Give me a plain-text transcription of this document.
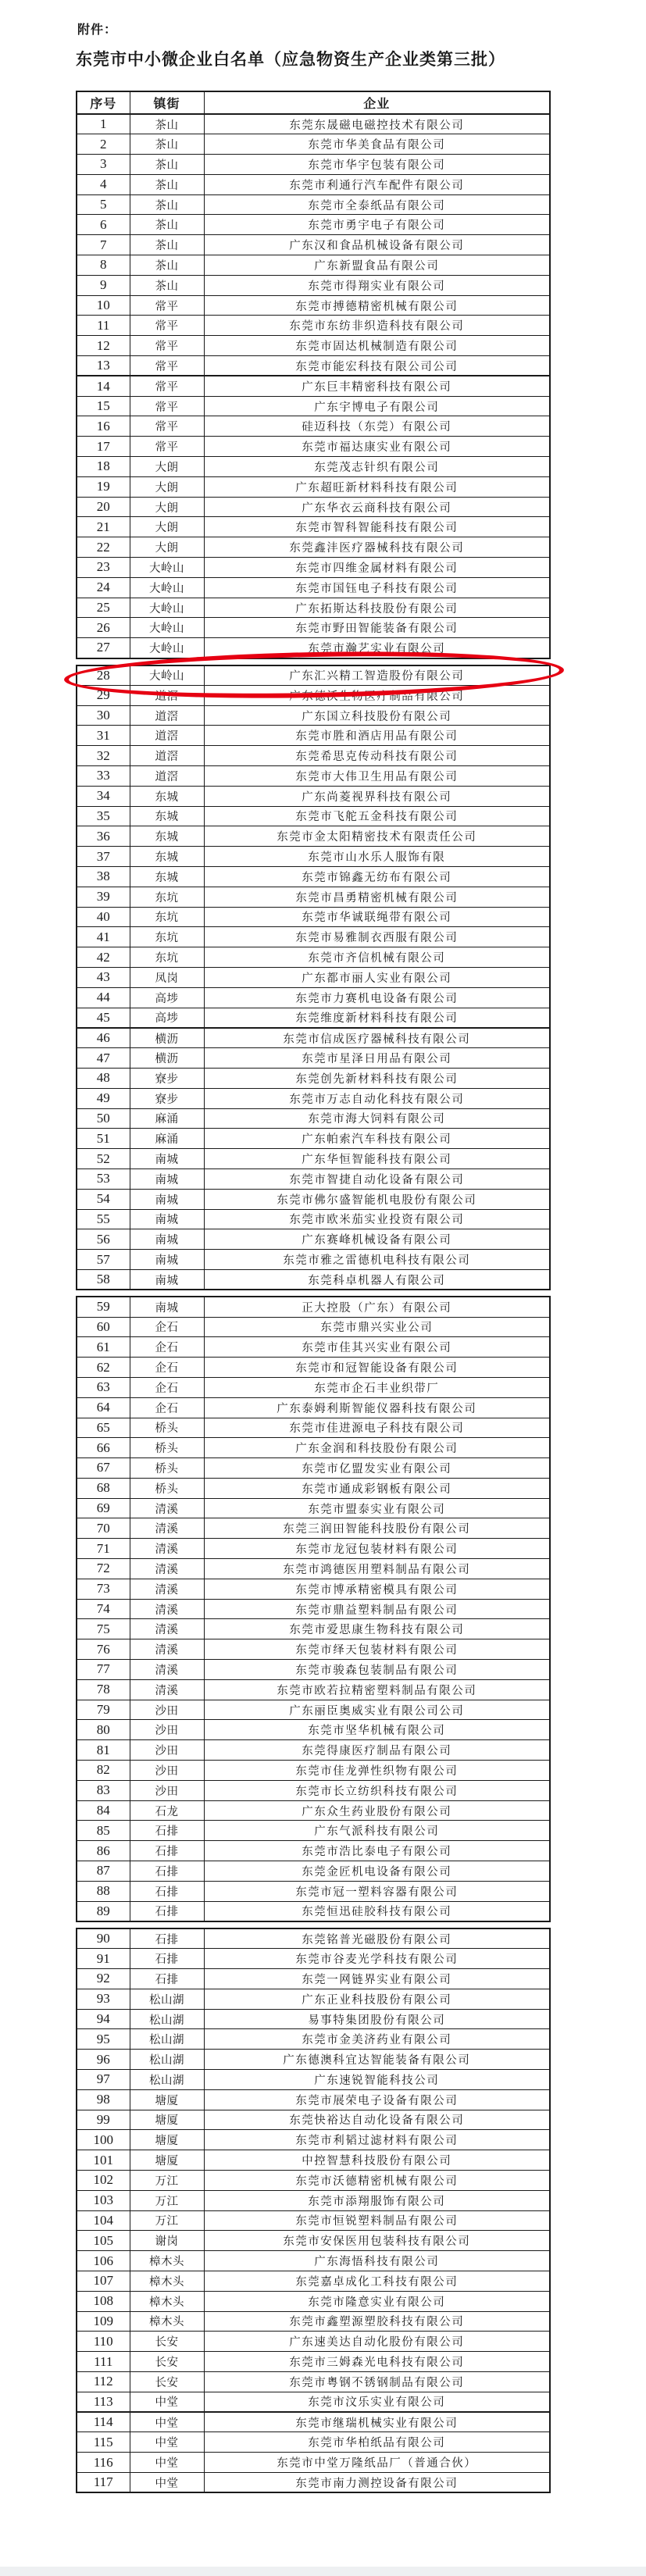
附件：
东莞市中小微企业白名单（应急物资生产企业类第三批）
序号	镇街	企业
1	茶山	东莞东晟磁电磁控技术有限公司
2	茶山	东莞市华美食品有限公司
3	茶山	东莞市华宇包装有限公司
4	茶山	东莞市利通行汽车配件有限公司
5	茶山	东莞市全泰纸品有限公司
6	茶山	东莞市勇宇电子有限公司
7	茶山	广东汉和食品机械设备有限公司
8	茶山	广东新盟食品有限公司
9	茶山	东莞市得翔实业有限公司
10	常平	东莞市搏德精密机械有限公司
11	常平	东莞市东纺非织造科技有限公司
12	常平	东莞市固达机械制造有限公司
13	常平	东莞市能宏科技有限公司公司
14	常平	广东巨丰精密科技有限公司
15	常平	广东宇博电子有限公司
16	常平	硅迈科技（东莞）有限公司
17	常平	东莞市福达康实业有限公司
18	大朗	东莞茂志针织有限公司
19	大朗	广东超旺新材料科技有限公司
20	大朗	广东华衣云商科技有限公司
21	大朗	东莞市智科智能科技有限公司
22	大朗	东莞鑫沣医疗器械科技有限公司
23	大岭山	东莞市四维金属材料有限公司
24	大岭山	东莞市国钰电子科技有限公司
25	大岭山	广东拓斯达科技股份有限公司
26	大岭山	东莞市野田智能装备有限公司
27	大岭山	东莞市瀚艺实业有限公司
28	大岭山	广东汇兴精工智造股份有限公司
29	道滘	广东德沃生物医疗制品有限公司
30	道滘	广东国立科技股份有限公司
31	道滘	东莞市胜和酒店用品有限公司
32	道滘	东莞希思克传动科技有限公司
33	道滘	东莞市大伟卫生用品有限公司
34	东城	广东尚菱视界科技有限公司
35	东城	东莞市飞舵五金科技有限公司
36	东城	东莞市金太阳精密技术有限责任公司
37	东城	东莞市山水乐人服饰有限
38	东城	东莞市锦鑫无纺布有限公司
39	东坑	东莞市昌勇精密机械有限公司
40	东坑	东莞市华诚联绳带有限公司
41	东坑	东莞市易雅制衣西服有限公司
42	东坑	东莞市齐信机械有限公司
43	凤岗	广东都市丽人实业有限公司
44	高埗	东莞市力赛机电设备有限公司
45	高埗	东莞维度新材料科技有限公司
46	横沥	东莞市信成医疗器械科技有限公司
47	横沥	东莞市星泽日用品有限公司
48	寮步	东莞创先新材料科技有限公司
49	寮步	东莞市万志自动化科技有限公司
50	麻涌	东莞市海大饲料有限公司
51	麻涌	广东帕索汽车科技有限公司
52	南城	广东华恒智能科技有限公司
53	南城	东莞市智捷自动化设备有限公司
54	南城	东莞市佛尔盛智能机电股份有限公司
55	南城	东莞市欧米茄实业投资有限公司
56	南城	广东赛峰机械设备有限公司
57	南城	东莞市雅之雷德机电科技有限公司
58	南城	东莞科卓机器人有限公司
59	南城	正大控股（广东）有限公司
60	企石	东莞市鼎兴实业公司
61	企石	东莞市佳其兴实业有限公司
62	企石	东莞市和冠智能设备有限公司
63	企石	东莞市企石丰业织带厂
64	企石	广东泰姆利斯智能仪器科技有限公司
65	桥头	东莞市佳进源电子科技有限公司
66	桥头	广东金润和科技股份有限公司
67	桥头	东莞市亿盟发实业有限公司
68	桥头	东莞市通成彩钢板有限公司
69	清溪	东莞市盟泰实业有限公司
70	清溪	东莞三润田智能科技股份有限公司
71	清溪	东莞市龙冠包装材料有限公司
72	清溪	东莞市鸿德医用塑料制品有限公司
73	清溪	东莞市博承精密模具有限公司
74	清溪	东莞市鼎益塑料制品有限公司
75	清溪	东莞市爱思康生物科技有限公司
76	清溪	东莞市绎天包装材料有限公司
77	清溪	东莞市骏森包装制品有限公司
78	清溪	东莞市欧若拉精密塑料制品有限公司
79	沙田	广东丽臣奥威实业有限公司公司
80	沙田	东莞市坚华机械有限公司
81	沙田	东莞得康医疗制品有限公司
82	沙田	东莞市佳龙弹性织物有限公司
83	沙田	东莞市长立纺织科技有限公司
84	石龙	广东众生药业股份有限公司
85	石排	广东气派科技有限公司
86	石排	东莞市浩比泰电子有限公司
87	石排	东莞金匠机电设备有限公司
88	石排	东莞市冠一塑料容器有限公司
89	石排	东莞恒迅硅胶科技有限公司
90	石排	东莞铭普光磁股份有限公司
91	石排	东莞市谷麦光学科技有限公司
92	石排	东莞一网链界实业有限公司
93	松山湖	广东正业科技股份有限公司
94	松山湖	易事特集团股份有限公司
95	松山湖	东莞市金美济药业有限公司
96	松山湖	广东德澳科宜达智能装备有限公司
97	松山湖	广东速锐智能科技公司
98	塘厦	东莞市展荣电子设备有限公司
99	塘厦	东莞快裕达自动化设备有限公司
100	塘厦	东莞市利韬过滤材料有限公司
101	塘厦	中控智慧科技股份有限公司
102	万江	东莞市沃德精密机械有限公司
103	万江	东莞市添翔服饰有限公司
104	万江	东莞市恒锐塑料制品有限公司
105	谢岗	东莞市安保医用包装科技有限公司
106	樟木头	广东海悟科技有限公司
107	樟木头	东莞嘉卓成化工科技有限公司
108	樟木头	东莞市隆意实业有限公司
109	樟木头	东莞市鑫塑源塑胶科技有限公司
110	长安	广东速美达自动化股份有限公司
111	长安	东莞市三姆森光电科技有限公司
112	长安	东莞市粤钢不锈钢制品有限公司
113	中堂	东莞市汶乐实业有限公司
114	中堂	东莞市继瑞机械实业有限公司
115	中堂	东莞市华柏纸品有限公司
116	中堂	东莞市中堂万隆纸品厂（普通合伙）
117	中堂	东莞市南力测控设备有限公司
